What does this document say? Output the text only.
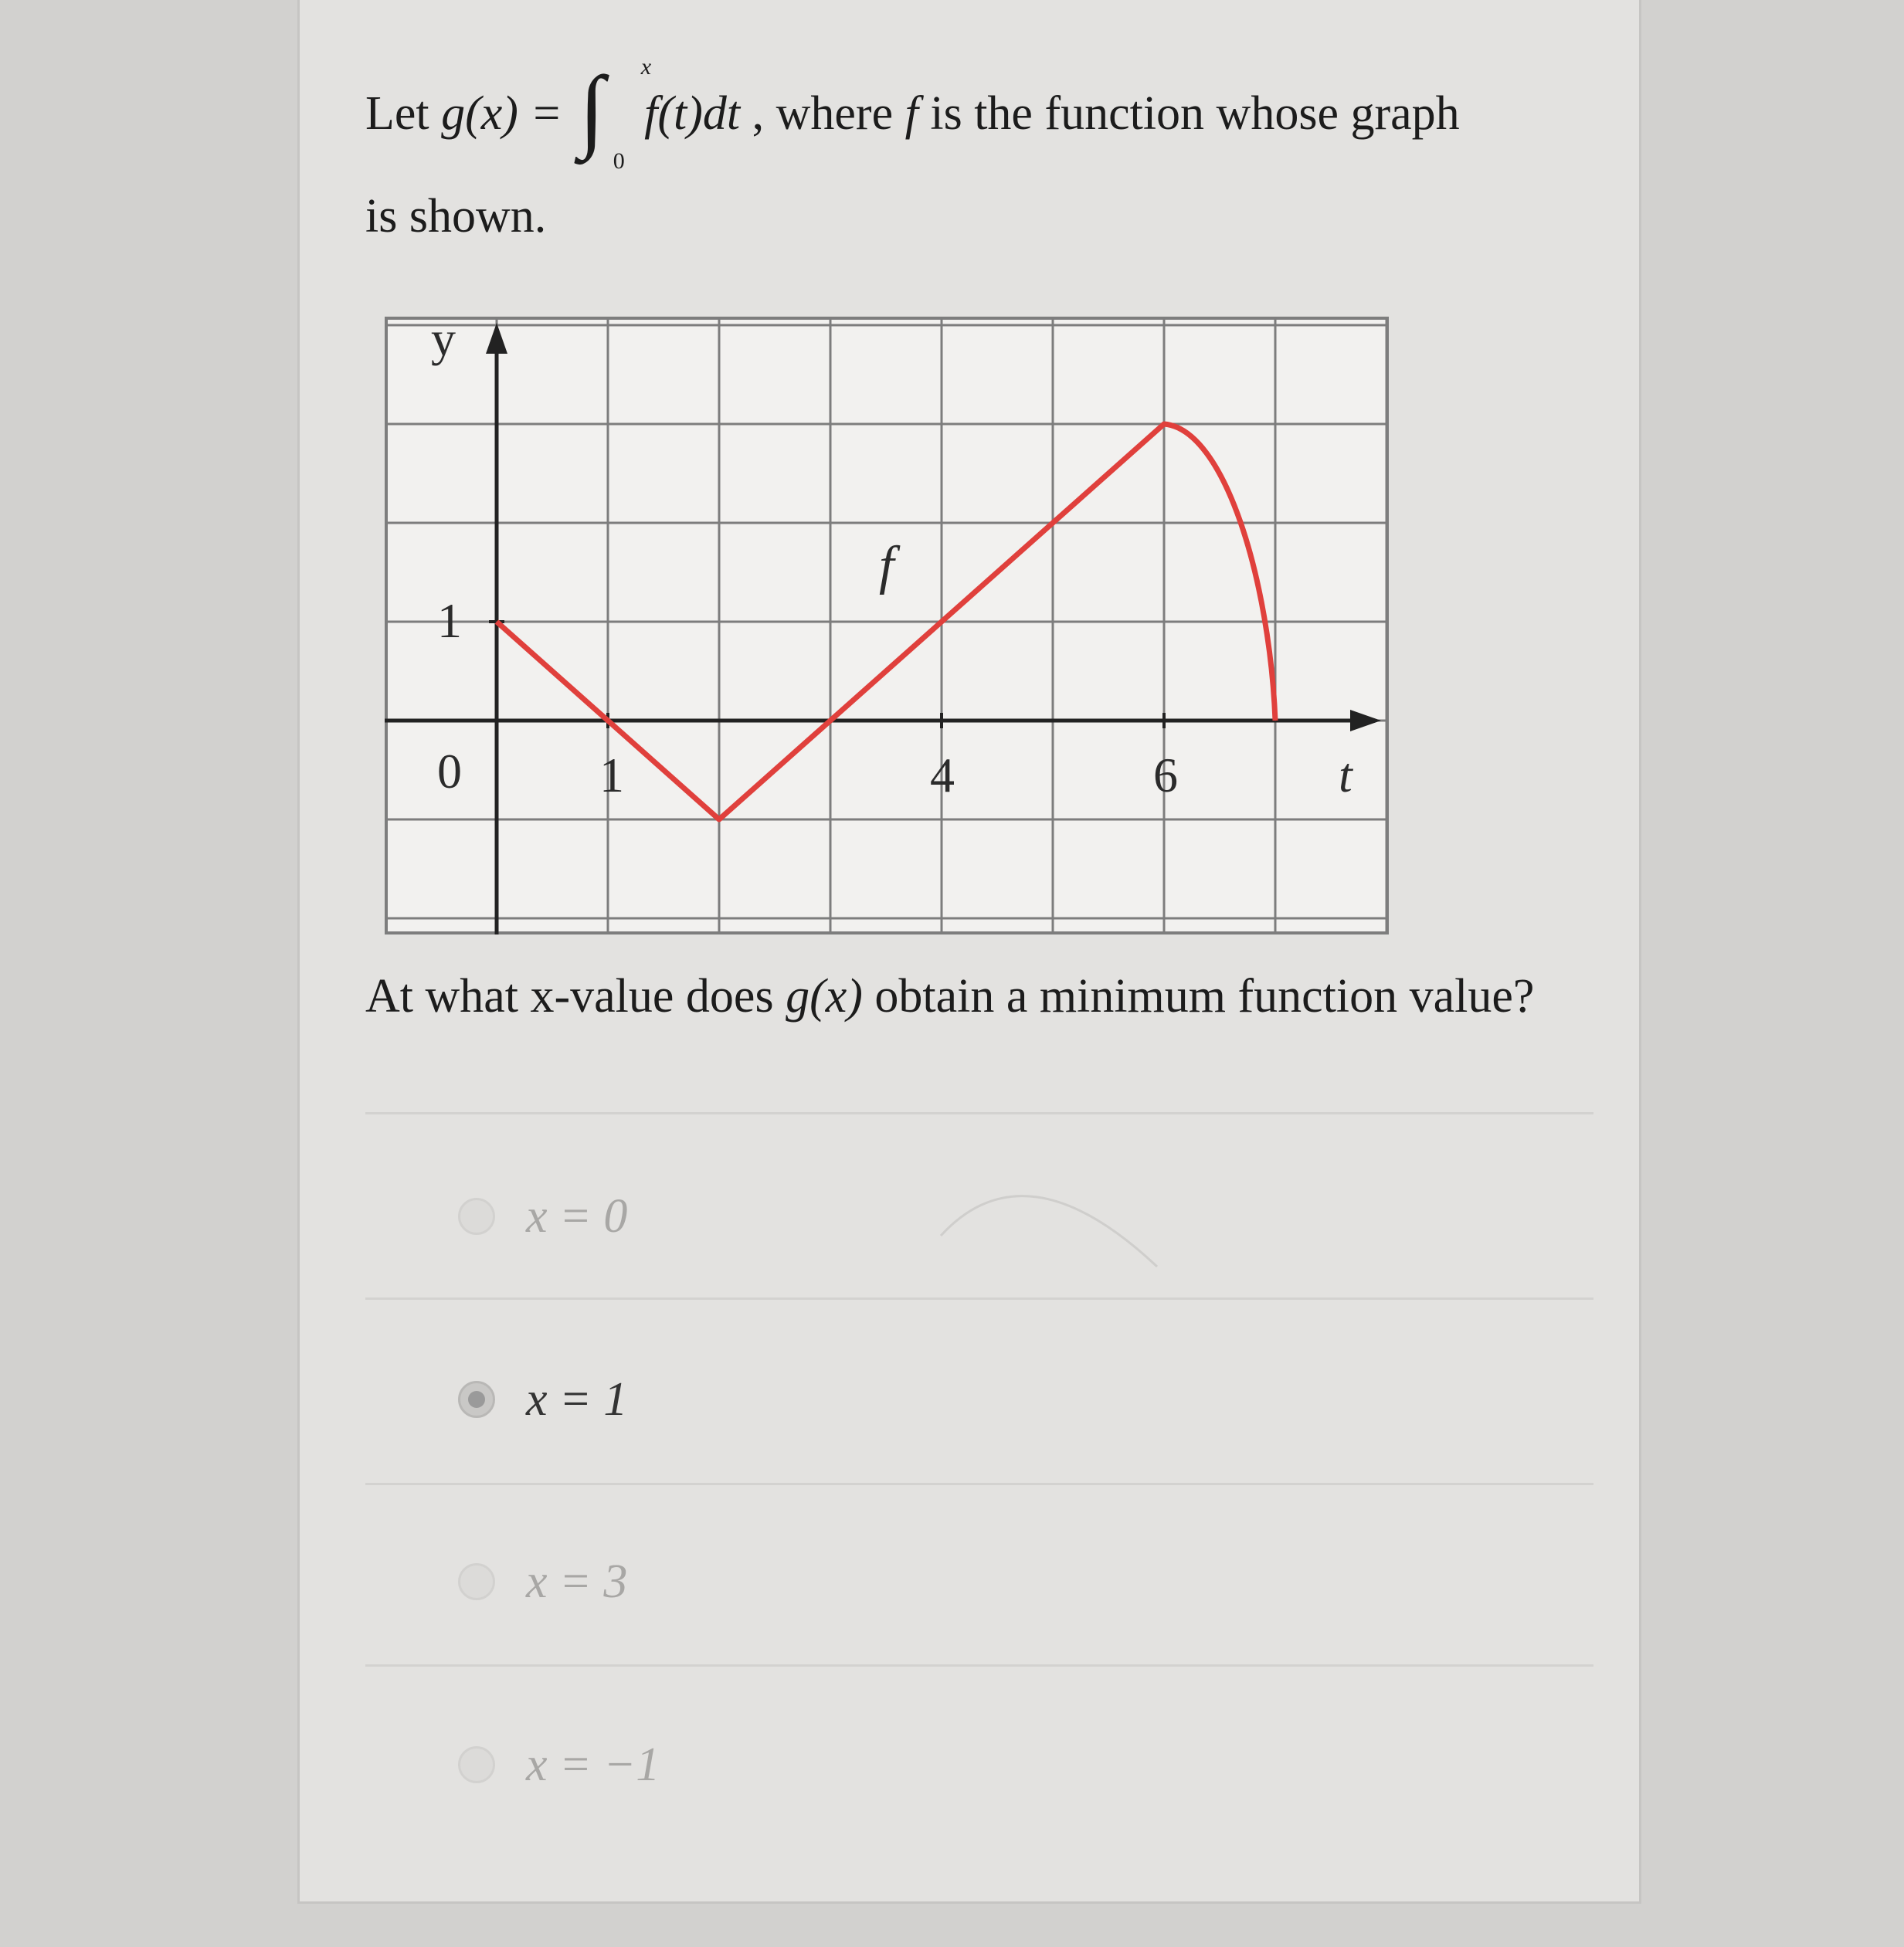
Let g(x) = ∫ x
0
f(t)dt , where f is the function whose graph
is shown.
y
t
f
1
0	1	4	6
At what x-value does g(x) obtain a minimum function value?
x = 0
x = 1
x = 3
x = −1
